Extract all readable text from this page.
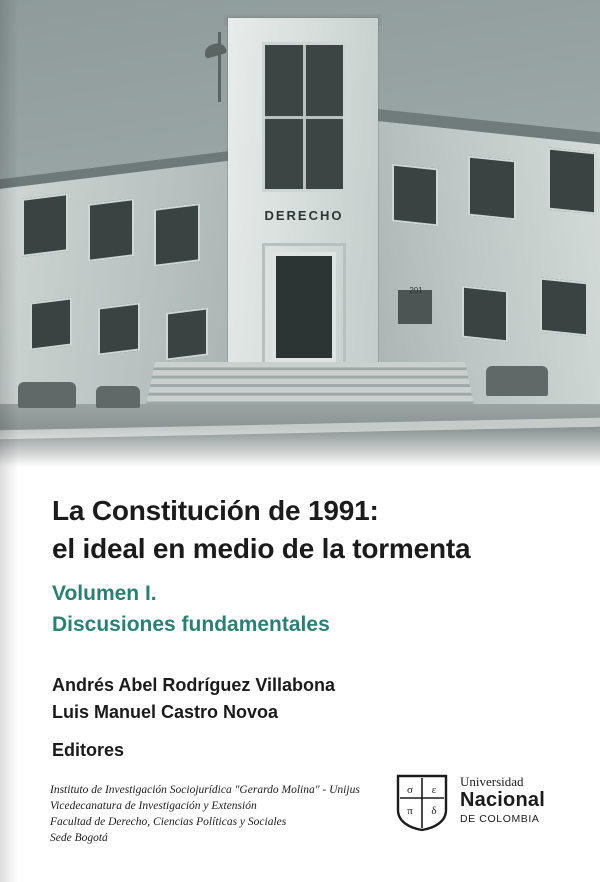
DERECHO
201
La Constitución de 1991:
el ideal en medio de la tormenta
Volumen I.
Discusiones fundamentales
Andrés Abel Rodríguez Villabona
Luis Manuel Castro Novoa
Editores
Instituto de Investigación Sociojurídica "Gerardo Molina" - Unijus
Vicedecanatura de Investigación y Extensión
Facultad de Derecho, Ciencias Políticas y Sociales
Sede Bogotá
σ ε
π δ
Universidad
Nacional
DE COLOMBIA
